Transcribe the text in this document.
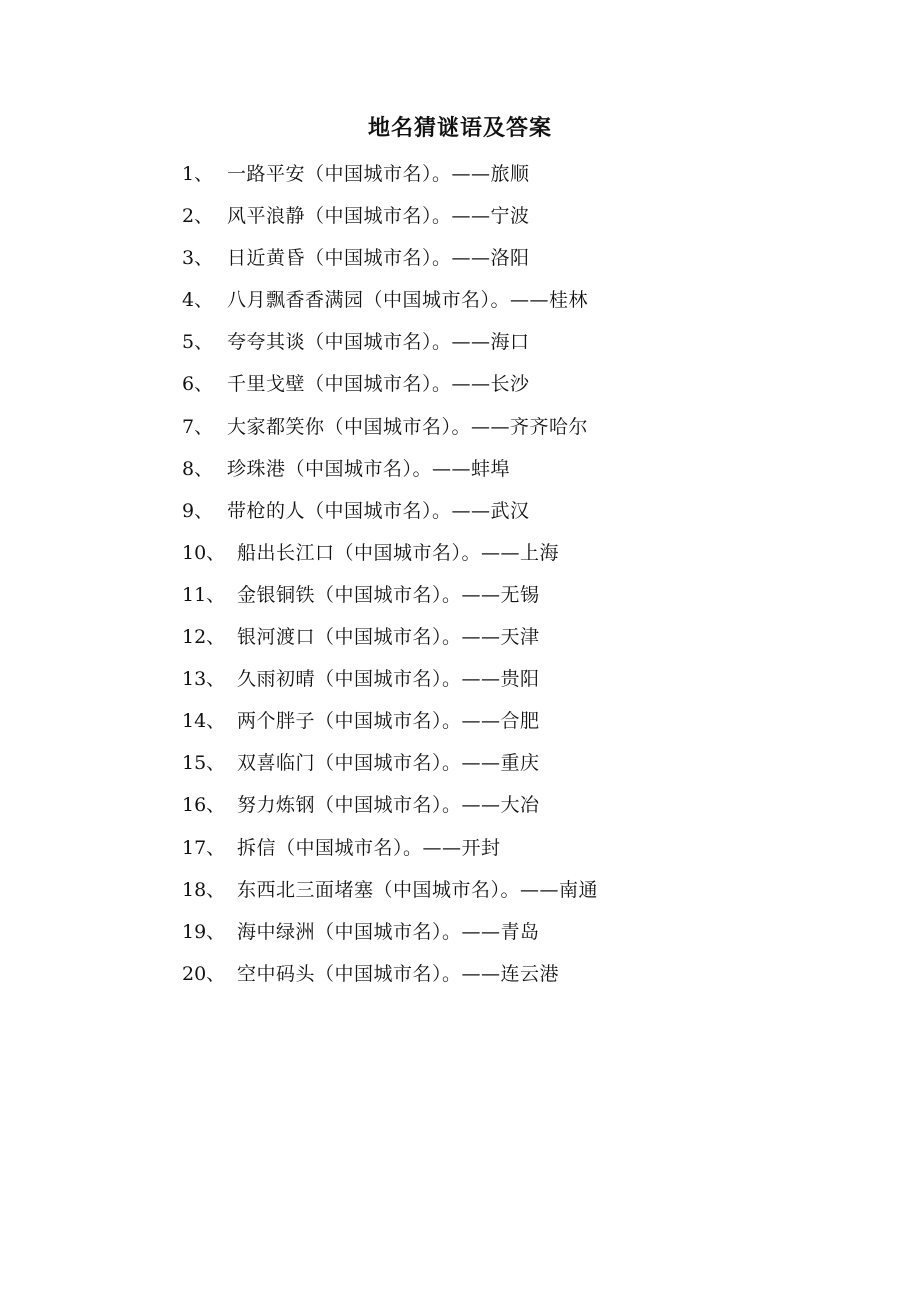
地名猜谜语及答案
1、 一路平安（中国城市名）。——旅顺
2、 风平浪静（中国城市名）。——宁波
3、 日近黄昏（中国城市名）。——洛阳
4、 八月飘香香满园（中国城市名）。——桂林
5、 夸夸其谈（中国城市名）。——海口
6、 千里戈壁（中国城市名）。——长沙
7、 大家都笑你（中国城市名）。——齐齐哈尔
8、 珍珠港（中国城市名）。——蚌埠
9、 带枪的人（中国城市名）。——武汉
10、 船出长江口（中国城市名）。——上海
11、 金银铜铁（中国城市名）。——无锡
12、 银河渡口（中国城市名）。——天津
13、 久雨初晴（中国城市名）。——贵阳
14、 两个胖子（中国城市名）。——合肥
15、 双喜临门（中国城市名）。——重庆
16、 努力炼钢（中国城市名）。——大冶
17、 拆信（中国城市名）。——开封
18、 东西北三面堵塞（中国城市名）。——南通
19、 海中绿洲（中国城市名）。——青岛
20、 空中码头（中国城市名）。——连云港
